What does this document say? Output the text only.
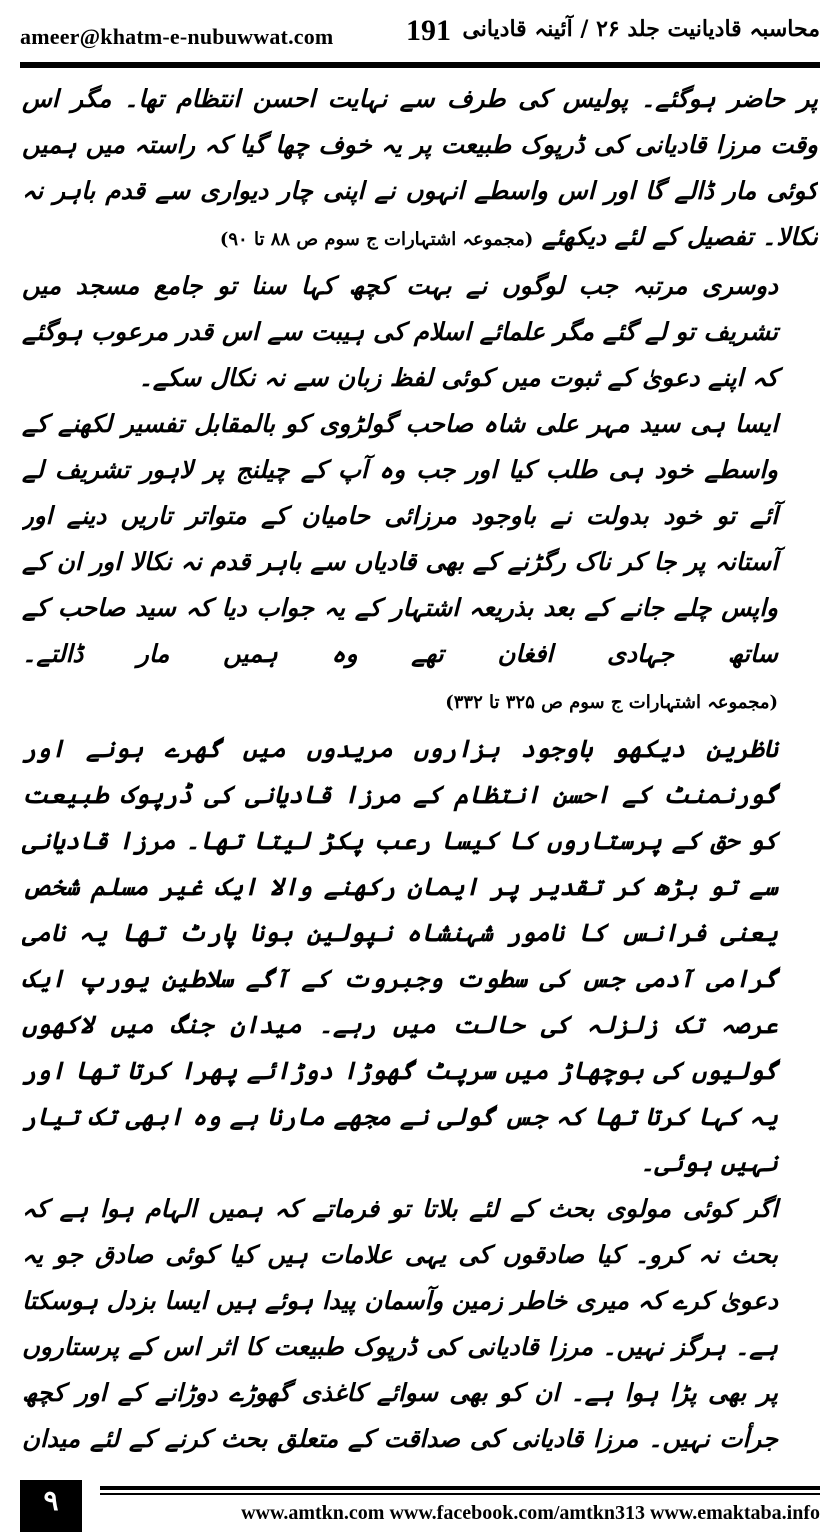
ameer@khatm-e-nubuwwat.com 191 محاسبہ قادیانیت جلد ۲۶ / آئینہ قادیانی

پر حاضر ہوگئے۔ پولیس کی طرف سے نہایت احسن انتظام تھا۔ مگر اس وقت مرزا قادیانی کی ڈرپوک طبیعت پر یہ خوف چھا گیا کہ راستہ میں ہمیں کوئی مار ڈالے گا اور اس واسطے انہوں نے اپنی چار دیواری سے قدم باہر نہ نکالا۔ تفصیل کے لئے دیکھئے (مجموعہ اشتہارات ج سوم ص ۸۸ تا ۹۰)

دوسری مرتبہ جب لوگوں نے بہت کچھ کہا سنا تو جامع مسجد میں تشریف تو لے گئے مگر علمائے اسلام کی ہیبت سے اس قدر مرعوب ہوگئے کہ اپنے دعویٰ کے ثبوت میں کوئی لفظ زبان سے نہ نکال سکے۔

ایسا ہی سید مہر علی شاہ صاحب گولڑوی کو بالمقابل تفسیر لکھنے کے واسطے خود ہی طلب کیا اور جب وہ آپ کے چیلنج پر لاہور تشریف لے آئے تو خود بدولت نے باوجود مرزائی حامیان کے متواتر تاریں دینے اور آستانہ پر جا کر ناک رگڑنے کے بھی قادیاں سے باہر قدم نہ نکالا اور ان کے واپس چلے جانے کے بعد بذریعہ اشتہار کے یہ جواب دیا کہ سید صاحب کے ساتھ جہادی افغان تھے وہ ہمیں مار ڈالتے۔ (مجموعہ اشتہارات ج سوم ص ۳۲۵ تا ۳۳۲)

ناظرین دیکھو باوجود ہزاروں مریدوں میں گھرے ہونے اور گورنمنٹ کے احسن انتظام کے مرزا قادیانی کی ڈرپوک طبیعت کو حق کے پرستاروں کا کیسا رعب پکڑ لیتا تھا۔ مرزا قادیانی سے تو بڑھ کر تقدیر پر ایمان رکھنے والا ایک غیر مسلم شخص یعنی فرانس کا نامور شہنشاہ نپولین بونا پارٹ تھا یہ نامی گرامی آدمی جس کی سطوت وجبروت کے آگے سلاطین یورپ ایک عرصہ تک زلزلہ کی حالت میں رہے۔ میدان جنگ میں لاکھوں گولیوں کی بوچھاڑ میں سرپٹ گھوڑا دوڑائے پھرا کرتا تھا اور یہ کہا کرتا تھا کہ جس گولی نے مجھے مارنا ہے وہ ابھی تک تیار نہیں ہوئی۔

اگر کوئی مولوی بحث کے لئے بلاتا تو فرماتے کہ ہمیں الہام ہوا ہے کہ بحث نہ کرو۔ کیا صادقوں کی یہی علامات ہیں کیا کوئی صادق جو یہ دعویٰ کرے کہ میری خاطر زمین وآسمان پیدا ہوئے ہیں ایسا بزدل ہوسکتا ہے۔ ہرگز نہیں۔ مرزا قادیانی کی ڈرپوک طبیعت کا اثر اس کے پرستاروں پر بھی پڑا ہوا ہے۔ ان کو بھی سوائے کاغذی گھوڑے دوڑانے کے اور کچھ جرأت نہیں۔ مرزا قادیانی کی صداقت کے متعلق بحث کرنے کے لئے میدان

۹	www.amtkn.com www.facebook.com/amtkn313 www.emaktaba.info
